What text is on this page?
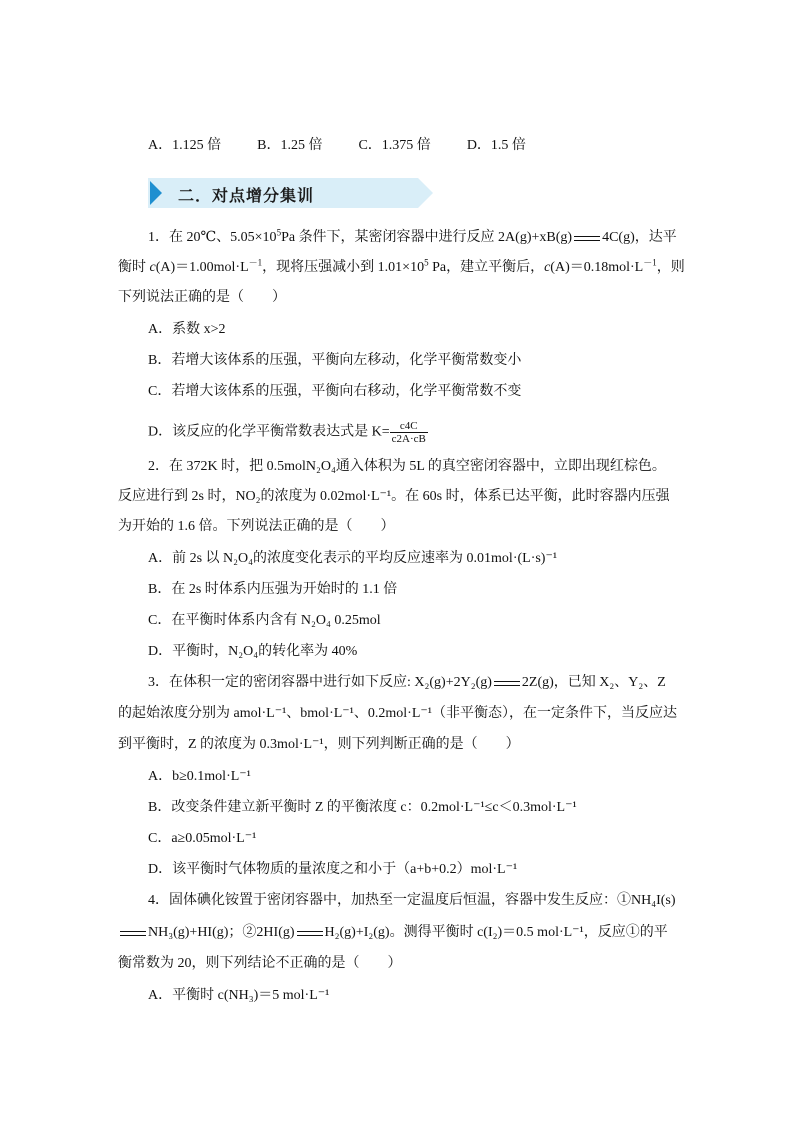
A．1.125 倍	B．1.25 倍	C．1.375 倍	D．1.5 倍
二．对点增分集训
1．在 20℃、$5.05\times 10^5Pa$ 条件下，某密闭容器中进行反应 2A(g)+xB(g) 4C(g)，达平
衡时 $c(A)=1.00mol\cdot L^{-1}$，现将压强减小到 $1.01\times 10^5$ Pa，建立平衡后，$c(A)=0.18mol\cdot L^{-1}$，则
下列说法正确的是（　　）
A．系数 x>2
B．若增大该体系的压强，平衡向左移动，化学平衡常数变小
C．若增大该体系的压强，平衡向右移动，化学平衡常数不变
D．该反应的化学平衡常数表达式是 $K= \frac{c4C}{c2A\cdot cB}$
2．在 372K 时，把 0.5molN₂O₄通入体积为 5L 的真空密闭容器中，立即出现红棕色。
反应进行到 2s 时，NO₂的浓度为 0.02mol·L⁻¹。在 60s 时，体系已达平衡，此时容器内压强
为开始的 1.6 倍。下列说法正确的是（　　）
A．前 2s 以 N₂O₄的浓度变化表示的平均反应速率为 0.01mol·(L·s)⁻¹
B．在 2s 时体系内压强为开始时的 1.1 倍
C．在平衡时体系内含有 N₂O₄ 0.25mol
D．平衡时，N₂O₄的转化率为 40%
3．在体积一定的密闭容器中进行如下反应: X₂(g)+2Y₂(g) 2Z(g)，已知 X₂、Y₂、Z
的起始浓度分别为 amol·L⁻¹、bmol·L⁻¹、0.2mol·L⁻¹（非平衡态），在一定条件下，当反应达
到平衡时，Z 的浓度为 0.3mol·L⁻¹，则下列判断正确的是（　　）
A．b≥0.1mol·L⁻¹
B．改变条件建立新平衡时 Z 的平衡浓度 c：0.2mol·L⁻¹≤c＜0.3mol·L⁻¹
C．a≥0.05mol·L⁻¹
D．该平衡时气体物质的量浓度之和小于（a+b+0.2）mol·L⁻¹
4．固体碘化铵置于密闭容器中，加热至一定温度后恒温，容器中发生反应：①NH₄I(s)
NH₃(g)+HI(g)；②2HI(g) H₂(g)+I₂(g)。测得平衡时 c(I₂)＝0.5 mol·L⁻¹，反应①的平
衡常数为 20，则下列结论不正确的是（　　）
A．平衡时 c(NH₃)＝5 mol·L⁻¹
